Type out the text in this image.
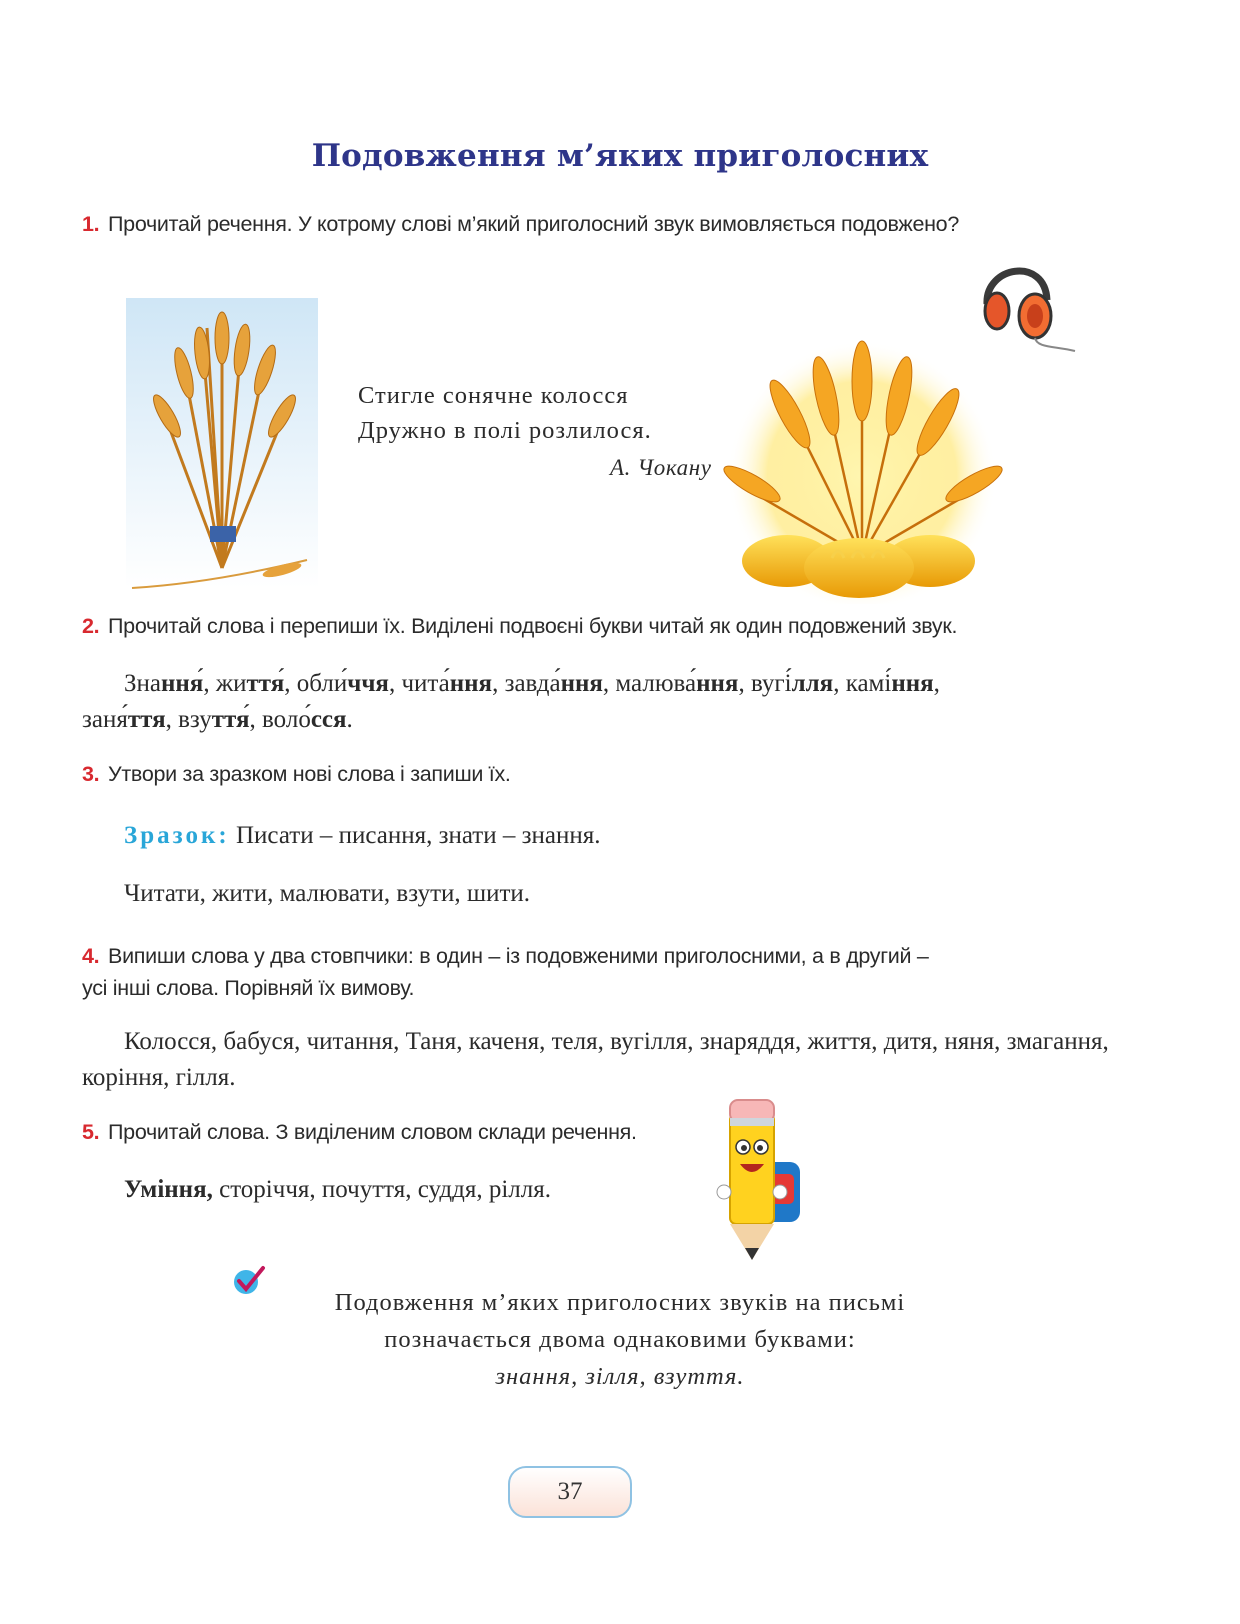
Подовження м’яких приголосних
1. Прочитай речення. У котрому слові м’який приголосний звук вимовляється подовжено?
Стигле сонячне колосся
Дружно в полі розлилося.
А. Чокану
2. Прочитай слова і перепиши їх. Виділені подвоєні букви читай як один подовжений звук.
Знання́, життя́, обли́ччя, чита́ння, завда́ння, малюва́ння, вугі́лля, камі́ння,
заня́ття, взуття́, воло́сся.
3. Утвори за зразком нові слова і запиши їх.
Зразок: Писати – писання, знати – знання.
Читати, жити, малювати, взути, шити.
4. Випиши слова у два стовпчики: в один – із подовженими приголосними, а в другий –
усі інші слова. Порівняй їх вимову.
Колосся, бабуся, читання, Таня, каченя, теля, вугілля, знаряддя, життя, дитя, няня, змагання, коріння, гілля.
5. Прочитай слова. З виділеним словом склади речення.
Уміння, сторіччя, почуття, суддя, рілля.
Подовження м’яких приголосних звуків на письмі
позначається двома однаковими буквами:
знання, зілля, взуття.
37
